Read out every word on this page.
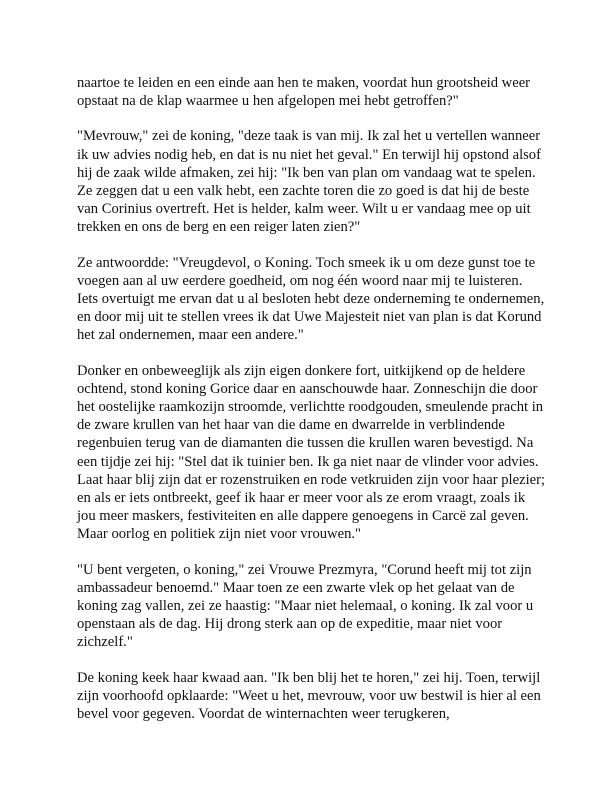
naartoe te leiden en een einde aan hen te maken, voordat hun grootsheid weer opstaat na de klap waarmee u hen afgelopen mei hebt getroffen?"

"Mevrouw," zei de koning, "deze taak is van mij. Ik zal het u vertellen wanneer ik uw advies nodig heb, en dat is nu niet het geval." En terwijl hij opstond alsof hij de zaak wilde afmaken, zei hij: "Ik ben van plan om vandaag wat te spelen. Ze zeggen dat u een valk hebt, een zachte toren die zo goed is dat hij de beste van Corinius overtreft. Het is helder, kalm weer. Wilt u er vandaag mee op uit trekken en ons de berg en een reiger laten zien?"

Ze antwoordde: "Vreugdevol, o Koning. Toch smeek ik u om deze gunst toe te voegen aan al uw eerdere goedheid, om nog één woord naar mij te luisteren. Iets overtuigt me ervan dat u al besloten hebt deze onderneming te ondernemen, en door mij uit te stellen vrees ik dat Uwe Majesteit niet van plan is dat Korund het zal ondernemen, maar een andere."

Donker en onbeweeglijk als zijn eigen donkere fort, uitkijkend op de heldere ochtend, stond koning Gorice daar en aanschouwde haar. Zonneschijn die door het oostelijke raamkozijn stroomde, verlichtte roodgouden, smeulende pracht in de zware krullen van het haar van die dame en dwarrelde in verblindende regenbuien terug van de diamanten die tussen die krullen waren bevestigd. Na een tijdje zei hij: "Stel dat ik tuinier ben. Ik ga niet naar de vlinder voor advies. Laat haar blij zijn dat er rozenstruiken en rode vetkruiden zijn voor haar plezier; en als er iets ontbreekt, geef ik haar er meer voor als ze erom vraagt, zoals ik jou meer maskers, festiviteiten en alle dappere genoegens in Carcë zal geven. Maar oorlog en politiek zijn niet voor vrouwen."

"U bent vergeten, o koning," zei Vrouwe Prezmyra, "Corund heeft mij tot zijn ambassadeur benoemd." Maar toen ze een zwarte vlek op het gelaat van de koning zag vallen, zei ze haastig: "Maar niet helemaal, o koning. Ik zal voor u openstaan als de dag. Hij drong sterk aan op de expeditie, maar niet voor zichzelf."

De koning keek haar kwaad aan. "Ik ben blij het te horen," zei hij. Toen, terwijl zijn voorhoofd opklaarde: "Weet u het, mevrouw, voor uw bestwil is hier al een bevel voor gegeven. Voordat de winternachten weer terugkeren,
